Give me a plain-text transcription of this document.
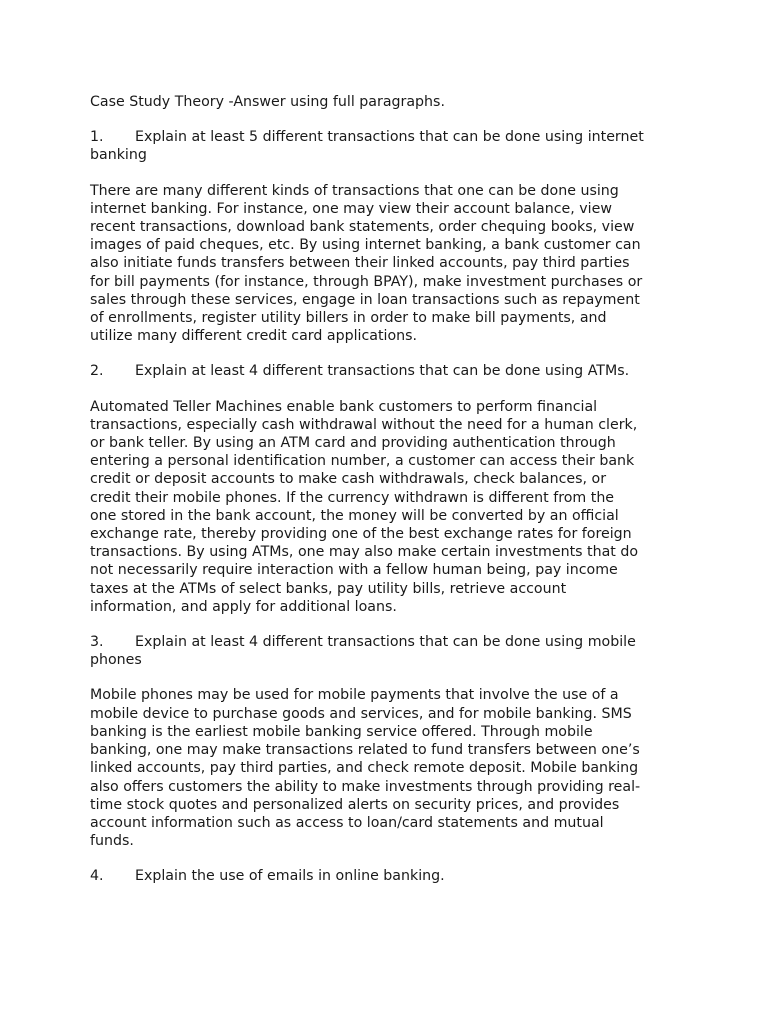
Case Study Theory -Answer using full paragraphs.
1. Explain at least 5 different transactions that can be done using internet
banking
There are many different kinds of transactions that one can be done using
internet banking. For instance, one may view their account balance, view
recent transactions, download bank statements, order chequing books, view
images of paid cheques, etc. By using internet banking, a bank customer can
also initiate funds transfers between their linked accounts, pay third parties
for bill payments (for instance, through BPAY), make investment purchases or
sales through these services, engage in loan transactions such as repayment
of enrollments, register utility billers in order to make bill payments, and
utilize many different credit card applications.
2. Explain at least 4 different transactions that can be done using ATMs.
Automated Teller Machines enable bank customers to perform financial
transactions, especially cash withdrawal without the need for a human clerk,
or bank teller. By using an ATM card and providing authentication through
entering a personal identification number, a customer can access their bank
credit or deposit accounts to make cash withdrawals, check balances, or
credit their mobile phones. If the currency withdrawn is different from the
one stored in the bank account, the money will be converted by an official
exchange rate, thereby providing one of the best exchange rates for foreign
transactions. By using ATMs, one may also make certain investments that do
not necessarily require interaction with a fellow human being, pay income
taxes at the ATMs of select banks, pay utility bills, retrieve account
information, and apply for additional loans.
3. Explain at least 4 different transactions that can be done using mobile
phones
Mobile phones may be used for mobile payments that involve the use of a
mobile device to purchase goods and services, and for mobile banking. SMS
banking is the earliest mobile banking service offered. Through mobile
banking, one may make transactions related to fund transfers between one’s
linked accounts, pay third parties, and check remote deposit. Mobile banking
also offers customers the ability to make investments through providing real-
time stock quotes and personalized alerts on security prices, and provides
account information such as access to loan/card statements and mutual
funds.
4. Explain the use of emails in online banking.
